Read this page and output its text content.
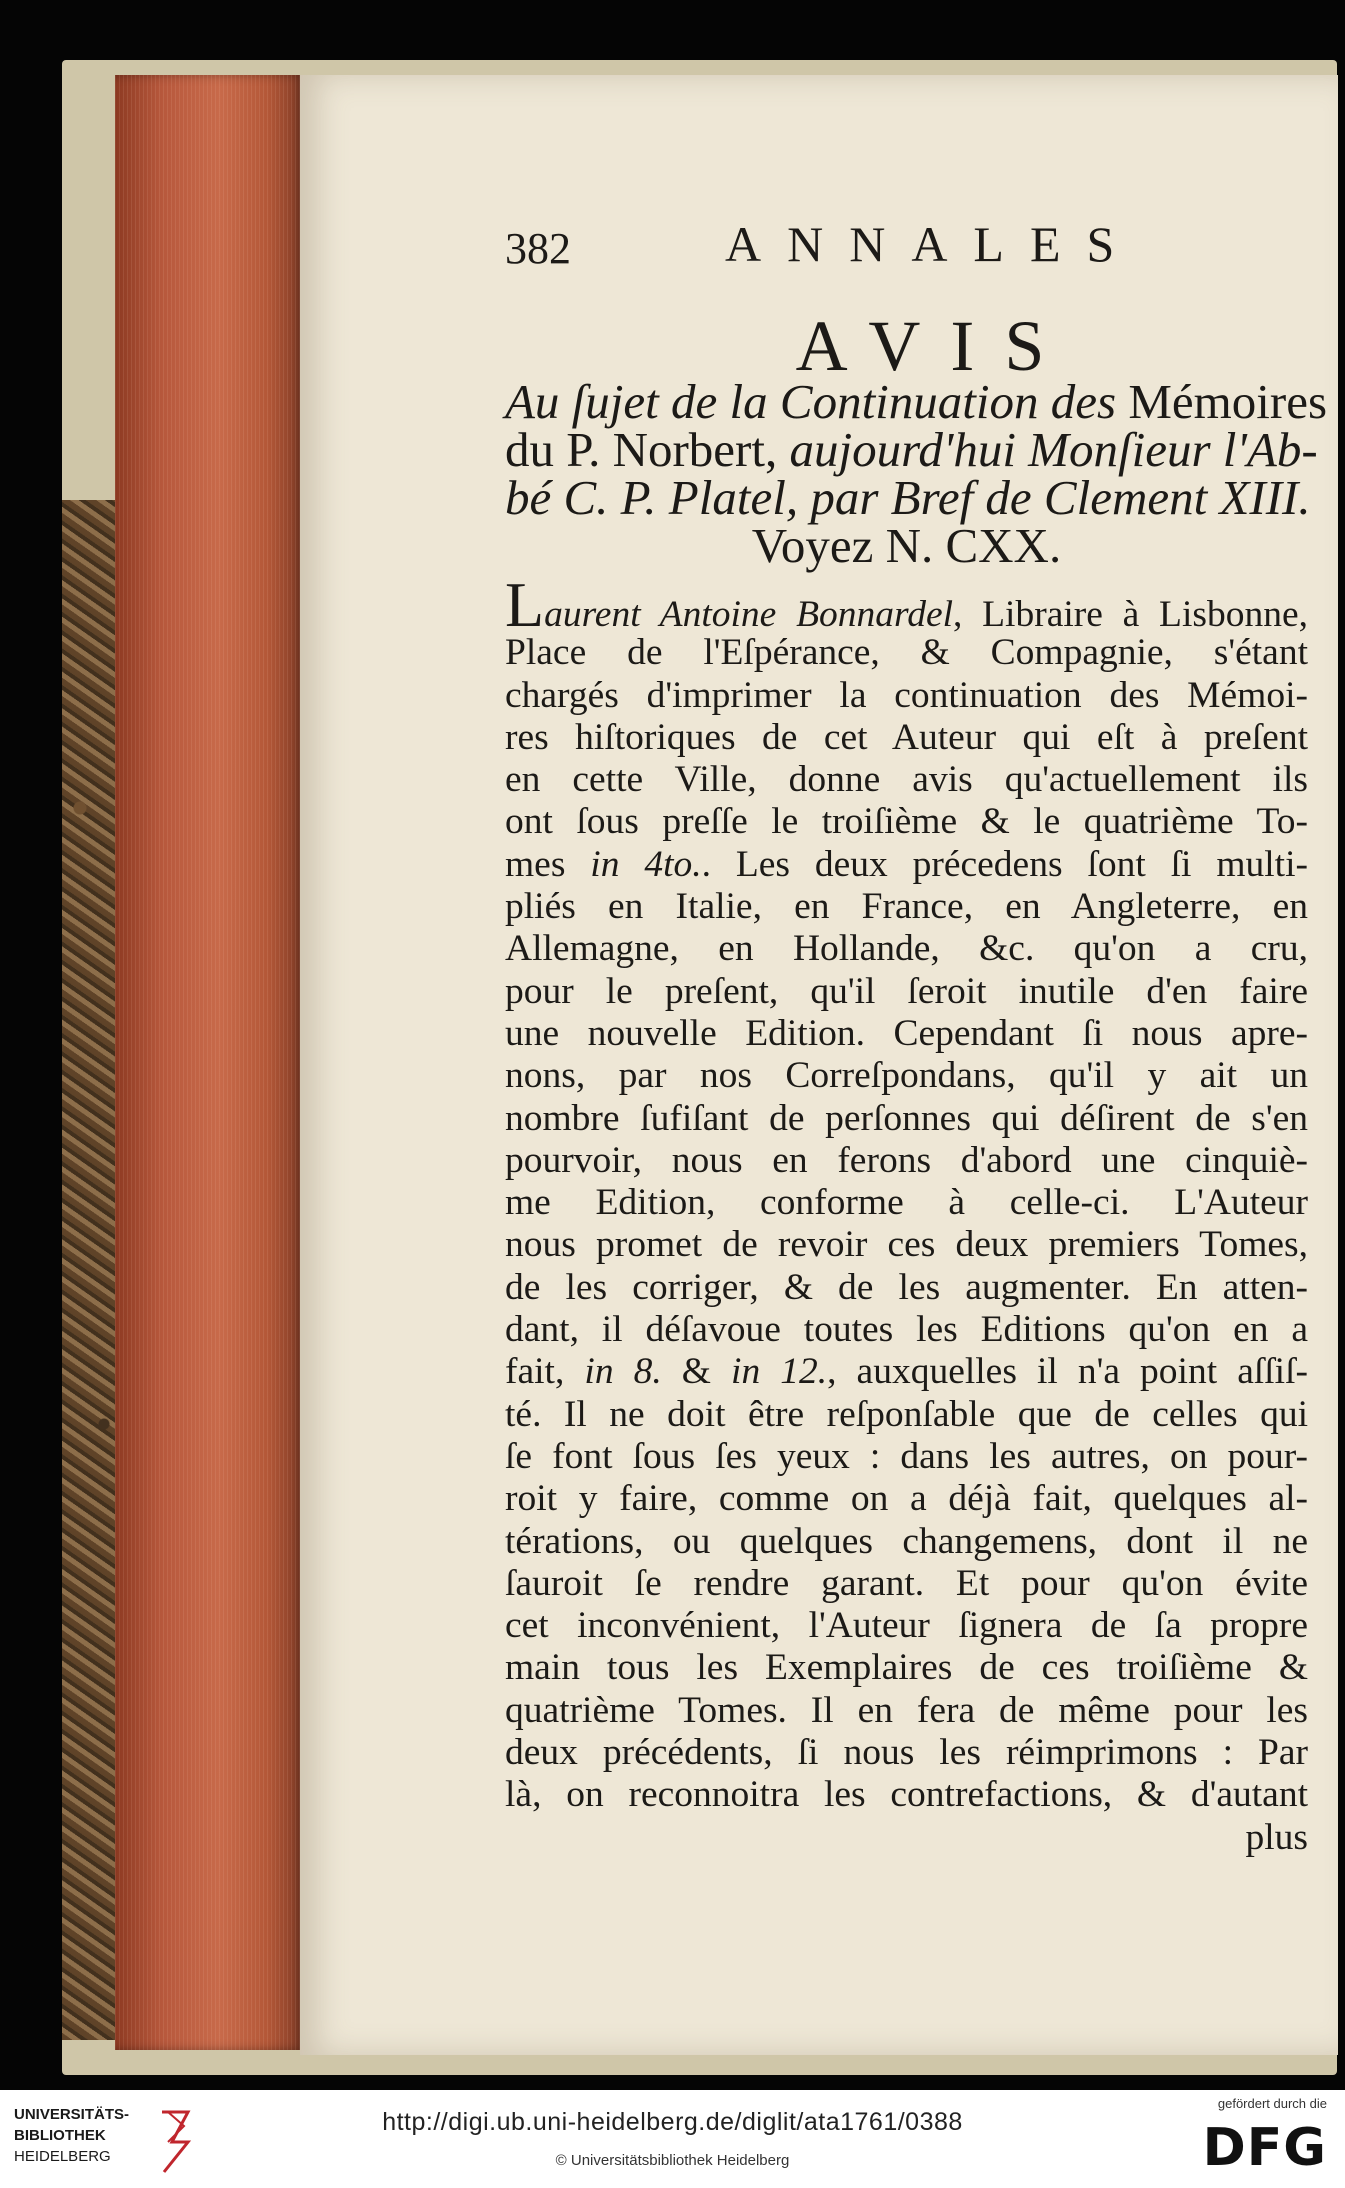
382	ANNALES
AVIS
Au ſujet de la Continuation des Mémoires
du P. Norbert, aujourd'hui Monſieur l'Ab-
bé C. P. Platel, par Bref de Clement XIII.
Voyez N. CXX.
Laurent Antoine Bonnardel, Libraire à Lisbonne,
Place de l'Eſpérance, & Compagnie, s'étant
chargés d'imprimer la continuation des Mémoi-
res hiſtoriques de cet Auteur qui eſt à preſent
en cette Ville, donne avis qu'actuellement ils
ont ſous preſſe le troiſième & le quatrième To-
mes in 4to.. Les deux précedens ſont ſi multi-
pliés en Italie, en France, en Angleterre, en
Allemagne, en Hollande, &c. qu'on a cru,
pour le preſent, qu'il ſeroit inutile d'en faire
une nouvelle Edition. Cependant ſi nous apre-
nons, par nos Correſpondans, qu'il y ait un
nombre ſufiſant de perſonnes qui déſirent de s'en
pourvoir, nous en ferons d'abord une cinquiè-
me Edition, conforme à celle-ci. L'Auteur
nous promet de revoir ces deux premiers Tomes,
de les corriger, & de les augmenter. En atten-
dant, il déſavoue toutes les Editions qu'on en a
fait, in 8. & in 12., auxquelles il n'a point aſſiſ-
té. Il ne doit être reſponſable que de celles qui
ſe font ſous ſes yeux : dans les autres, on pour-
roit y faire, comme on a déjà fait, quelques al-
térations, ou quelques changemens, dont il ne
ſauroit ſe rendre garant. Et pour qu'on évite
cet inconvénient, l'Auteur ſignera de ſa propre
main tous les Exemplaires de ces troiſième &
quatrième Tomes. Il en fera de même pour les
deux précédents, ſi nous les réimprimons : Par
là, on reconnoitra les contrefactions, & d'autant
plus
UNIVERSITÄTS-
BIBLIOTHEK
HEIDELBERG
http://digi.ub.uni-heidelberg.de/diglit/ata1761/0388
© Universitätsbibliothek Heidelberg
gefördert durch die
DFG
